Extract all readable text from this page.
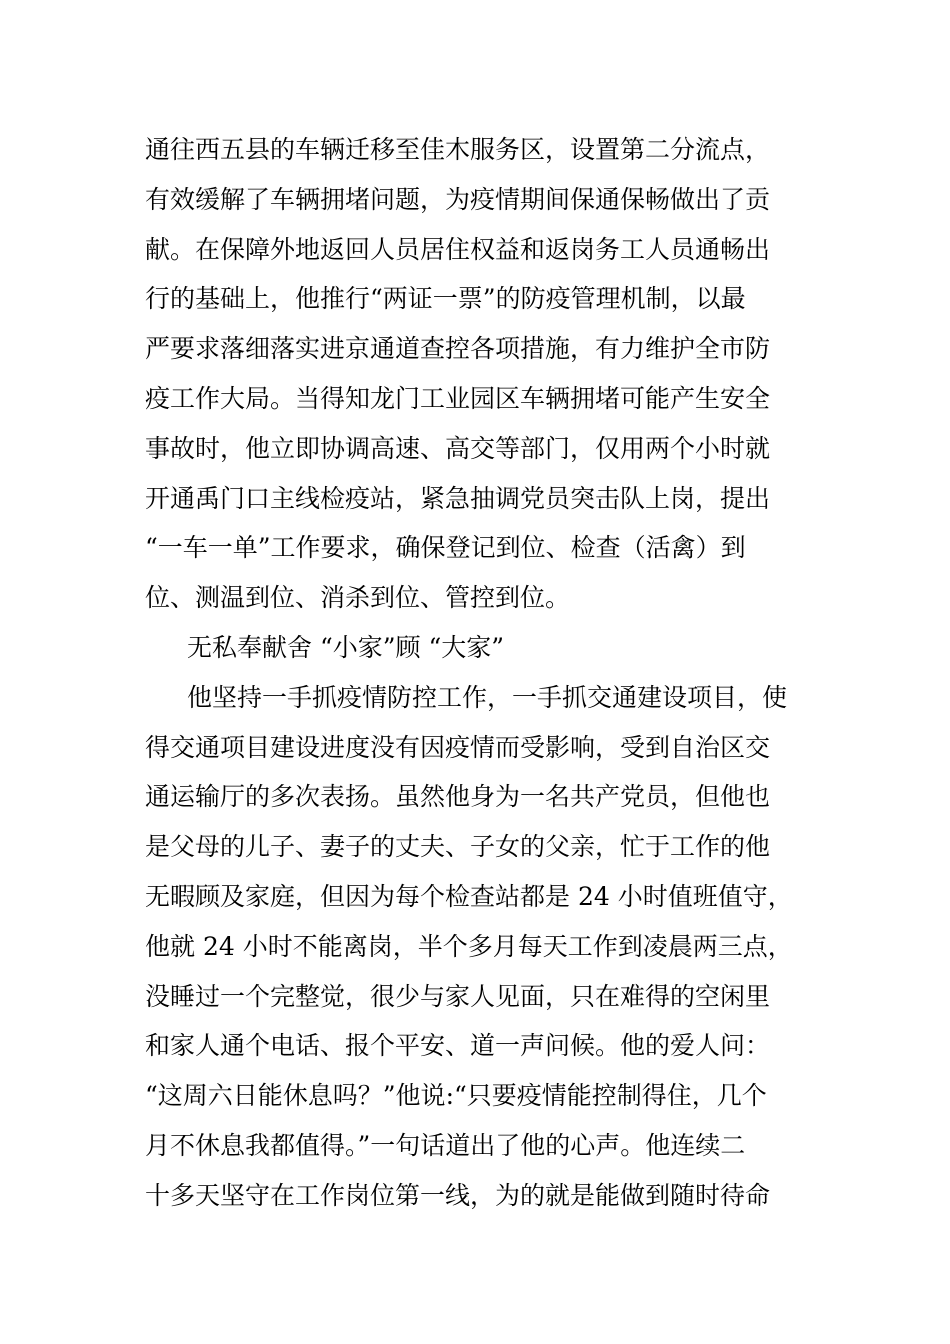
通往西五县的车辆迁移至佳木服务区，设置第二分流点，
有效缓解了车辆拥堵问题，为疫情期间保通保畅做出了贡
献。在保障外地返回人员居住权益和返岗务工人员通畅出
行的基础上，他推行“两证一票”的防疫管理机制，以最
严要求落细落实进京通道查控各项措施，有力维护全市防
疫工作大局。当得知龙门工业园区车辆拥堵可能产生安全
事故时，他立即协调高速、高交等部门，仅用两个小时就
开通禹门口主线检疫站，紧急抽调党员突击队上岗，提出
“一车一单”工作要求，确保登记到位、检查（活禽）到
位、测温到位、消杀到位、管控到位。
无私奉献舍 “小家”顾 “大家”
他坚持一手抓疫情防控工作，一手抓交通建设项目，使
得交通项目建设进度没有因疫情而受影响，受到自治区交
通运输厅的多次表扬。虽然他身为一名共产党员，但他也
是父母的儿子、妻子的丈夫、子女的父亲，忙于工作的他
无暇顾及家庭，但因为每个检查站都是 24 小时值班值守，
他就 24 小时不能离岗，半个多月每天工作到凌晨两三点，
没睡过一个完整觉，很少与家人见面，只在难得的空闲里
和家人通个电话、报个平安、道一声问候。他的爱人问：
“这周六日能休息吗？”他说:“只要疫情能控制得住，几个
月不休息我都值得。”一句话道出了他的心声。他连续二
十多天坚守在工作岗位第一线，为的就是能做到随时待命
